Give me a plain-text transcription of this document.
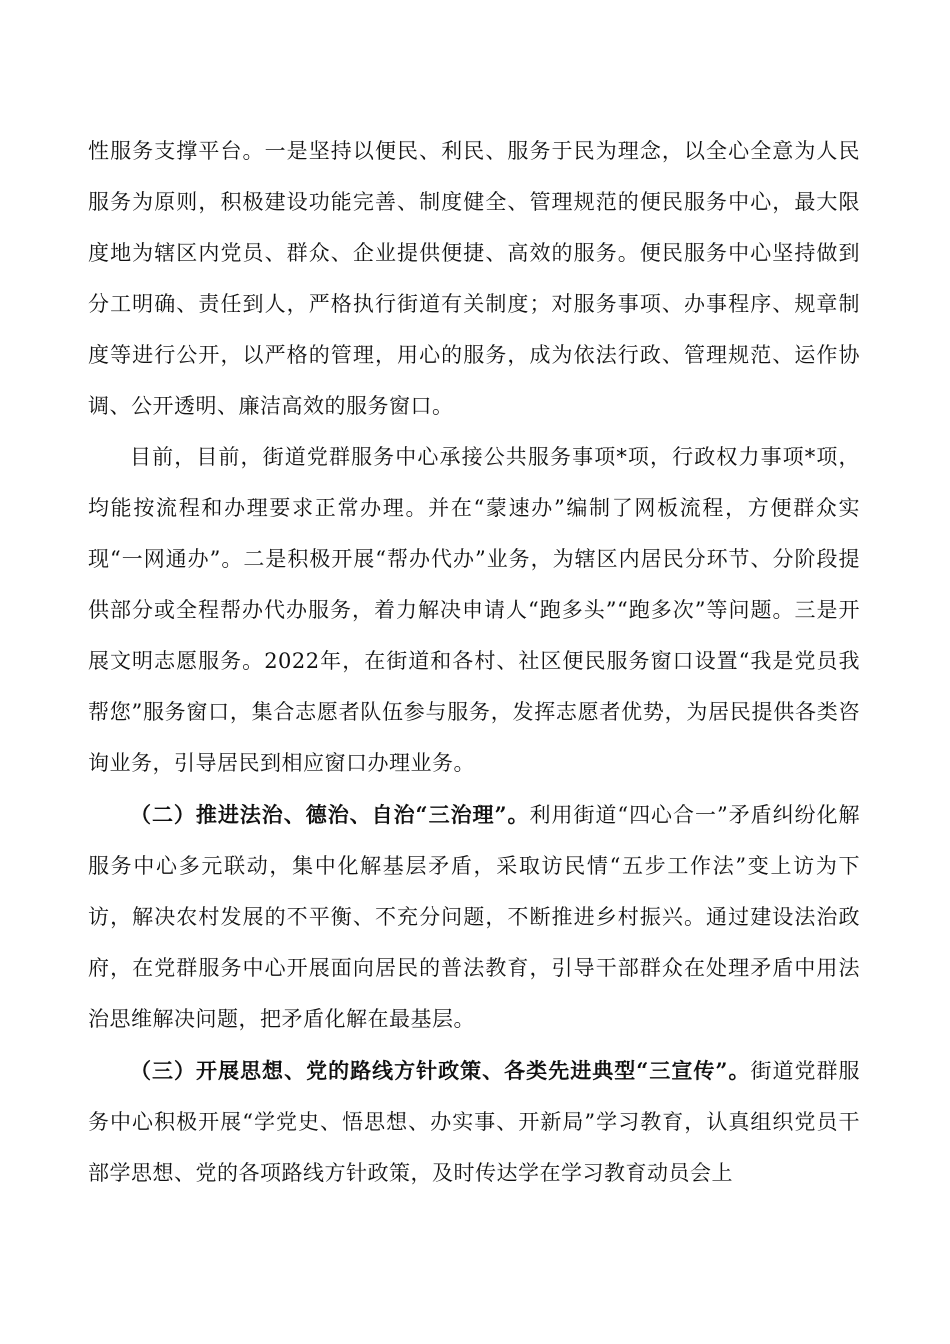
性服务支撑平台。一是坚持以便民、利民、服务于民为理念，以全心全意为人民服务为原则，积极建设功能完善、制度健全、管理规范的便民服务中心，最大限度地为辖区内党员、群众、企业提供便捷、高效的服务。便民服务中心坚持做到分工明确、责任到人，严格执行街道有关制度；对服务事项、办事程序、规章制度等进行公开，以严格的管理，用心的服务，成为依法行政、管理规范、运作协调、公开透明、廉洁高效的服务窗口。

目前，目前，街道党群服务中心承接公共服务事项*项，行政权力事项*项，均能按流程和办理要求正常办理。并在“蒙速办”编制了网板流程，方便群众实现“一网通办”。二是积极开展“帮办代办”业务，为辖区内居民分环节、分阶段提供部分或全程帮办代办服务，着力解决申请人“跑多头”“跑多次”等问题。三是开展文明志愿服务。2022年，在街道和各村、社区便民服务窗口设置“我是党员我帮您”服务窗口，集合志愿者队伍参与服务，发挥志愿者优势，为居民提供各类咨询业务，引导居民到相应窗口办理业务。

（二）推进法治、德治、自治“三治理”。利用街道“四心合一”矛盾纠纷化解服务中心多元联动，集中化解基层矛盾，采取访民情“五步工作法”变上访为下访，解决农村发展的不平衡、不充分问题，不断推进乡村振兴。通过建设法治政府，在党群服务中心开展面向居民的普法教育，引导干部群众在处理矛盾中用法治思维解决问题，把矛盾化解在最基层。

（三）开展思想、党的路线方针政策、各类先进典型“三宣传”。街道党群服务中心积极开展“学党史、悟思想、办实事、开新局”学习教育，认真组织党员干部学思想、党的各项路线方针政策，及时传达学在学习教育动员会上
